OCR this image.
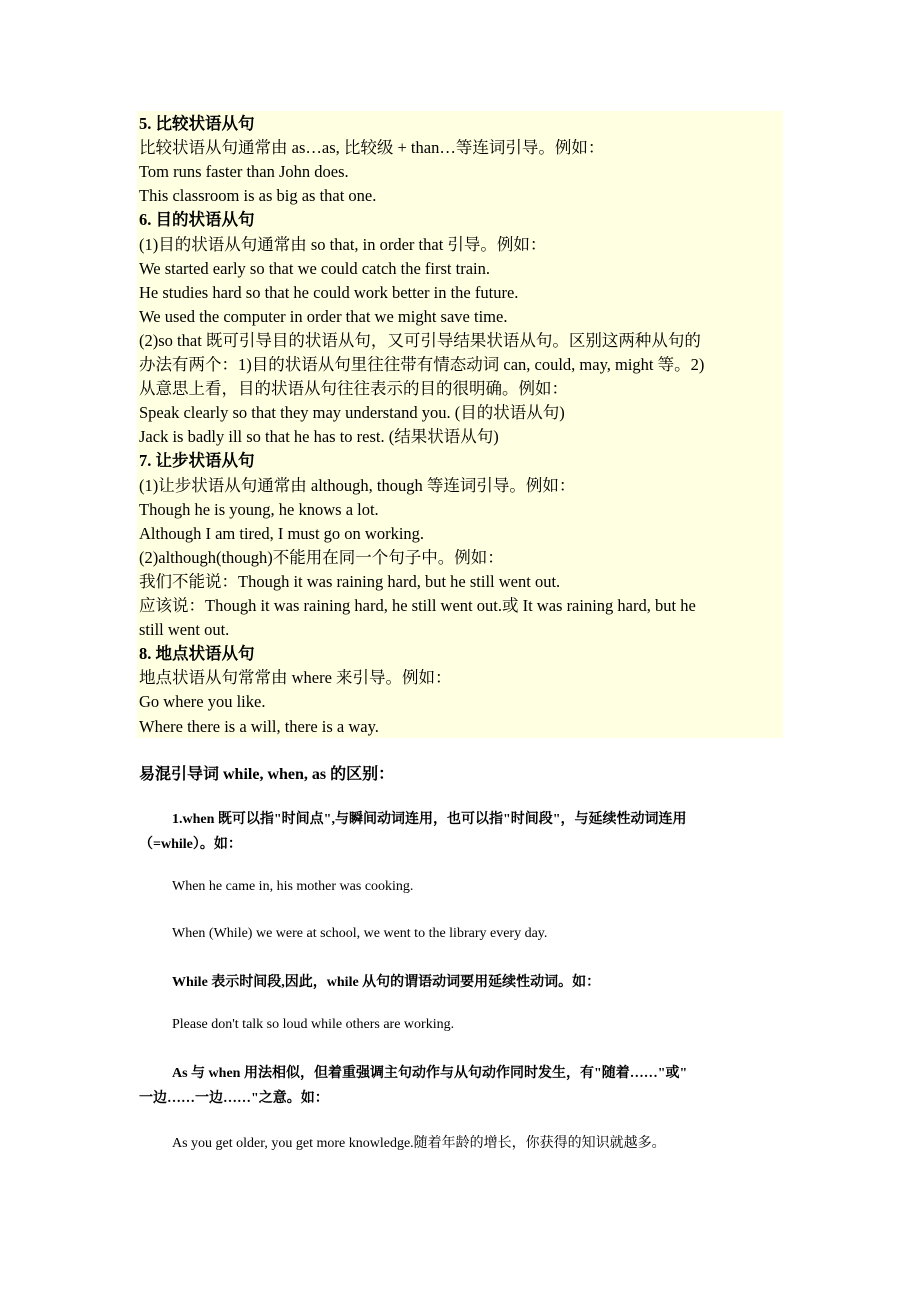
5. 比较状语从句
比较状语从句通常由 as…as, 比较级 + than…等连词引导。例如：
Tom runs faster than John does.
This classroom is as big as that one.
6. 目的状语从句
(1)目的状语从句通常由 so that, in order that 引导。例如：
We started early so that we could catch the first train.
He studies hard so that he could work better in the future.
We used the computer in order that we might save time.
(2)so that 既可引导目的状语从句，又可引导结果状语从句。区别这两种从句的
办法有两个：1)目的状语从句里往往带有情态动词 can, could, may, might 等。2)
从意思上看，目的状语从句往往表示的目的很明确。例如：
Speak clearly so that they may understand you. (目的状语从句)
Jack is badly ill so that he has to rest. (结果状语从句)
7. 让步状语从句
(1)让步状语从句通常由 although, though 等连词引导。例如：
Though he is young, he knows a lot.
Although I am tired, I must go on working.
(2)although(though)不能用在同一个句子中。例如：
我们不能说：Though it was raining hard, but he still went out.
应该说：Though it was raining hard, he still went out.或 It was raining hard, but he
still went out.
8. 地点状语从句
地点状语从句常常由 where 来引导。例如：
Go where you like.
Where there is a will, there is a way.
易混引导词 while, when, as 的区别：
1.when 既可以指"时间点",与瞬间动词连用，也可以指"时间段"，与延续性动词连用
（=while）。如：
When he came in, his mother was cooking.
When (While) we were at school, we went to the library every day.
While 表示时间段,因此，while 从句的谓语动词要用延续性动词。如：
Please don't talk so loud while others are working.
As 与 when 用法相似，但着重强调主句动作与从句动作同时发生，有"随着……"或"
一边……一边……"之意。如：
As you get older, you get more knowledge.随着年龄的增长，你获得的知识就越多。
